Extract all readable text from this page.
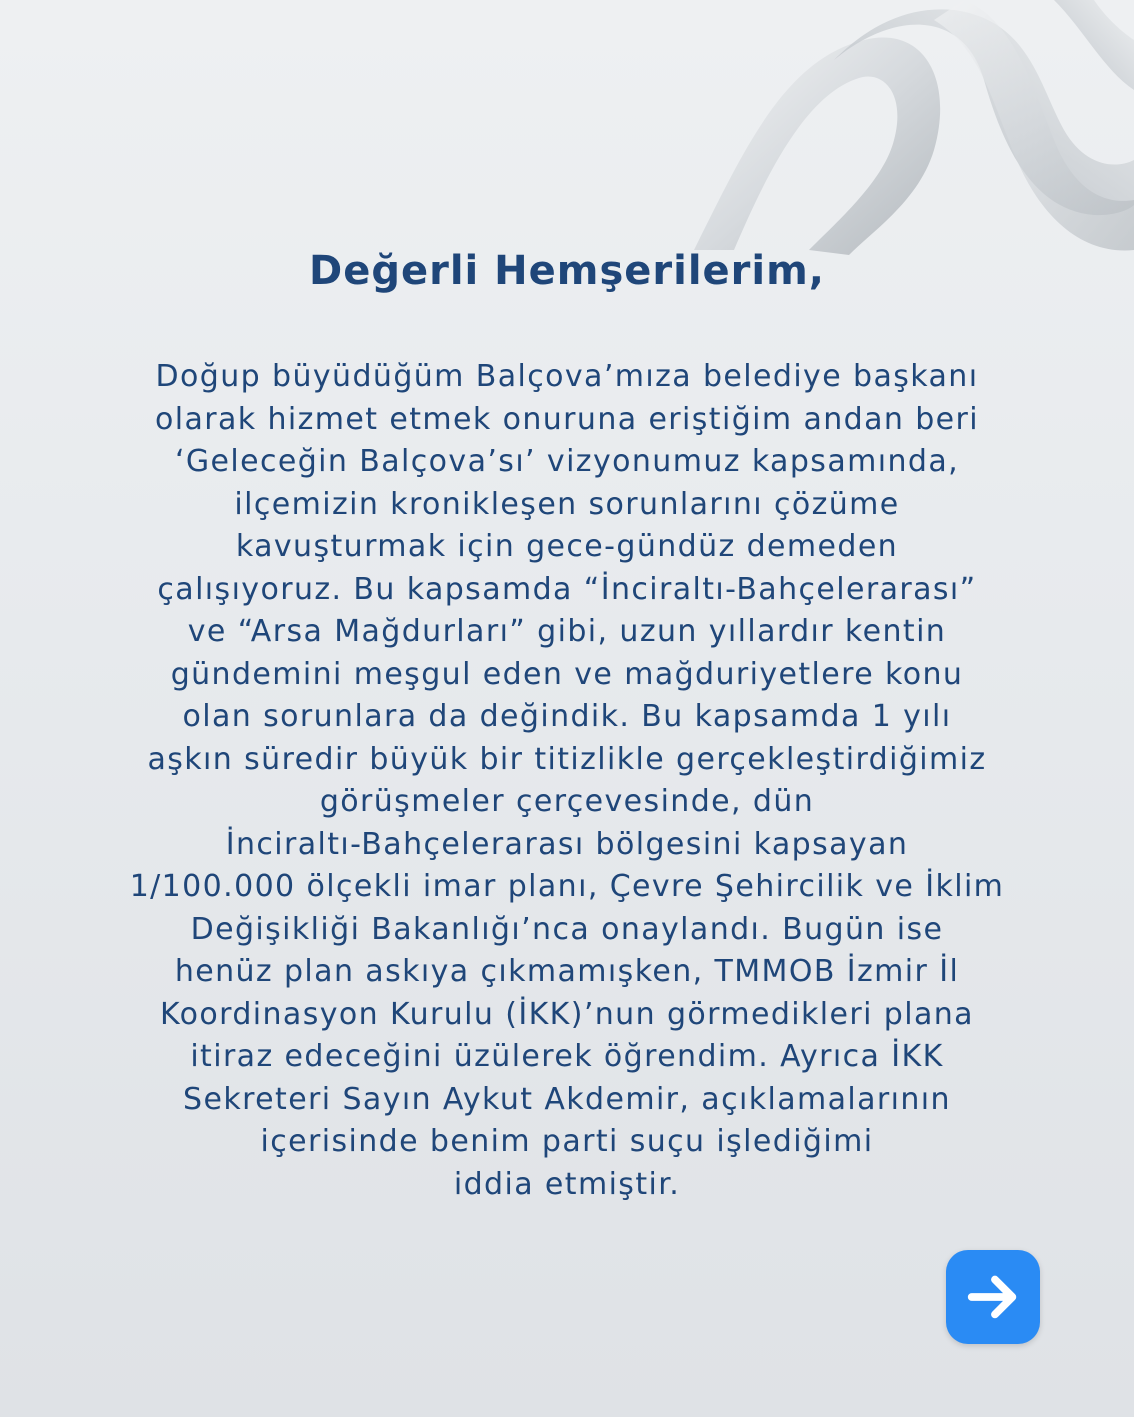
Değerli Hemşerilerim,

Doğup büyüdüğüm Balçova’mıza belediye başkanı
olarak hizmet etmek onuruna eriştiğim andan beri
‘Geleceğin Balçova’sı’ vizyonumuz kapsamında,
ilçemizin kronikleşen sorunlarını çözüme
kavuşturmak için gece-gündüz demeden
çalışıyoruz. Bu kapsamda “İnciraltı-Bahçelerarası”
ve “Arsa Mağdurları” gibi, uzun yıllardır kentin
gündemini meşgul eden ve mağduriyetlere konu
olan sorunlara da değindik. Bu kapsamda 1 yılı
aşkın süredir büyük bir titizlikle gerçekleştirdiğimiz
görüşmeler çerçevesinde, dün
İnciraltı-Bahçelerarası bölgesini kapsayan
1/100.000 ölçekli imar planı, Çevre Şehircilik ve İklim
Değişikliği Bakanlığı’nca onaylandı. Bugün ise
henüz plan askıya çıkmamışken, TMMOB İzmir İl
Koordinasyon Kurulu (İKK)’nun görmedikleri plana
itiraz edeceğini üzülerek öğrendim. Ayrıca İKK
Sekreteri Sayın Aykut Akdemir, açıklamalarının
içerisinde benim parti suçu işlediğimi
iddia etmiştir.
